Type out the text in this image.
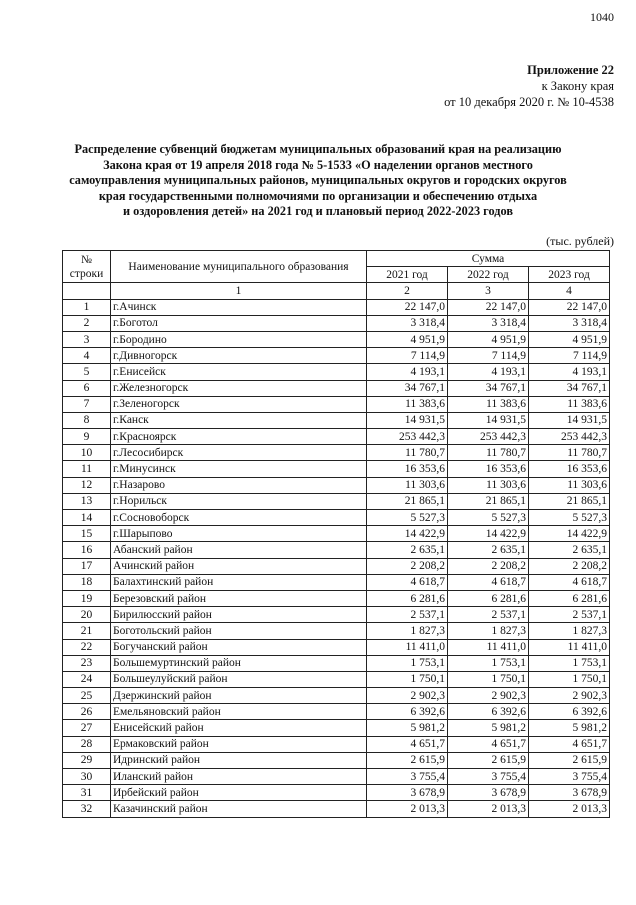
1040
Приложение 22
к Закону края
от 10 декабря 2020 г. № 10-4538
Распределение субвенций бюджетам муниципальных образований края на реализацию
Закона края от 19 апреля 2018 года № 5-1533 «О наделении органов местного
самоуправления муниципальных районов, муниципальных округов и городских округов
края государственными полномочиями по организации и обеспечению отдыха
и оздоровления детей» на 2021 год и плановый период 2022-2023 годов
(тыс. рублей)
№
строки	Наименование муниципального образования	Сумма		
		2021 год	2022 год	2023 год
	1	2	3	4
1	г.Ачинск	22 147,0	22 147,0	22 147,0
2	г.Боготол	3 318,4	3 318,4	3 318,4
3	г.Бородино	4 951,9	4 951,9	4 951,9
4	г.Дивногорск	7 114,9	7 114,9	7 114,9
5	г.Енисейск	4 193,1	4 193,1	4 193,1
6	г.Железногорск	34 767,1	34 767,1	34 767,1
7	г.Зеленогорск	11 383,6	11 383,6	11 383,6
8	г.Канск	14 931,5	14 931,5	14 931,5
9	г.Красноярск	253 442,3	253 442,3	253 442,3
10	г.Лесосибирск	11 780,7	11 780,7	11 780,7
11	г.Минусинск	16 353,6	16 353,6	16 353,6
12	г.Назарово	11 303,6	11 303,6	11 303,6
13	г.Норильск	21 865,1	21 865,1	21 865,1
14	г.Сосновоборск	5 527,3	5 527,3	5 527,3
15	г.Шарыпово	14 422,9	14 422,9	14 422,9
16	Абанский район	2 635,1	2 635,1	2 635,1
17	Ачинский район	2 208,2	2 208,2	2 208,2
18	Балахтинский район	4 618,7	4 618,7	4 618,7
19	Березовский район	6 281,6	6 281,6	6 281,6
20	Бирилюсский район	2 537,1	2 537,1	2 537,1
21	Боготольский район	1 827,3	1 827,3	1 827,3
22	Богучанский район	11 411,0	11 411,0	11 411,0
23	Большемуртинский район	1 753,1	1 753,1	1 753,1
24	Большеулуйский район	1 750,1	1 750,1	1 750,1
25	Дзержинский район	2 902,3	2 902,3	2 902,3
26	Емельяновский район	6 392,6	6 392,6	6 392,6
27	Енисейский район	5 981,2	5 981,2	5 981,2
28	Ермаковский район	4 651,7	4 651,7	4 651,7
29	Идринский район	2 615,9	2 615,9	2 615,9
30	Иланский район	3 755,4	3 755,4	3 755,4
31	Ирбейский район	3 678,9	3 678,9	3 678,9
32	Казачинский район	2 013,3	2 013,3	2 013,3
